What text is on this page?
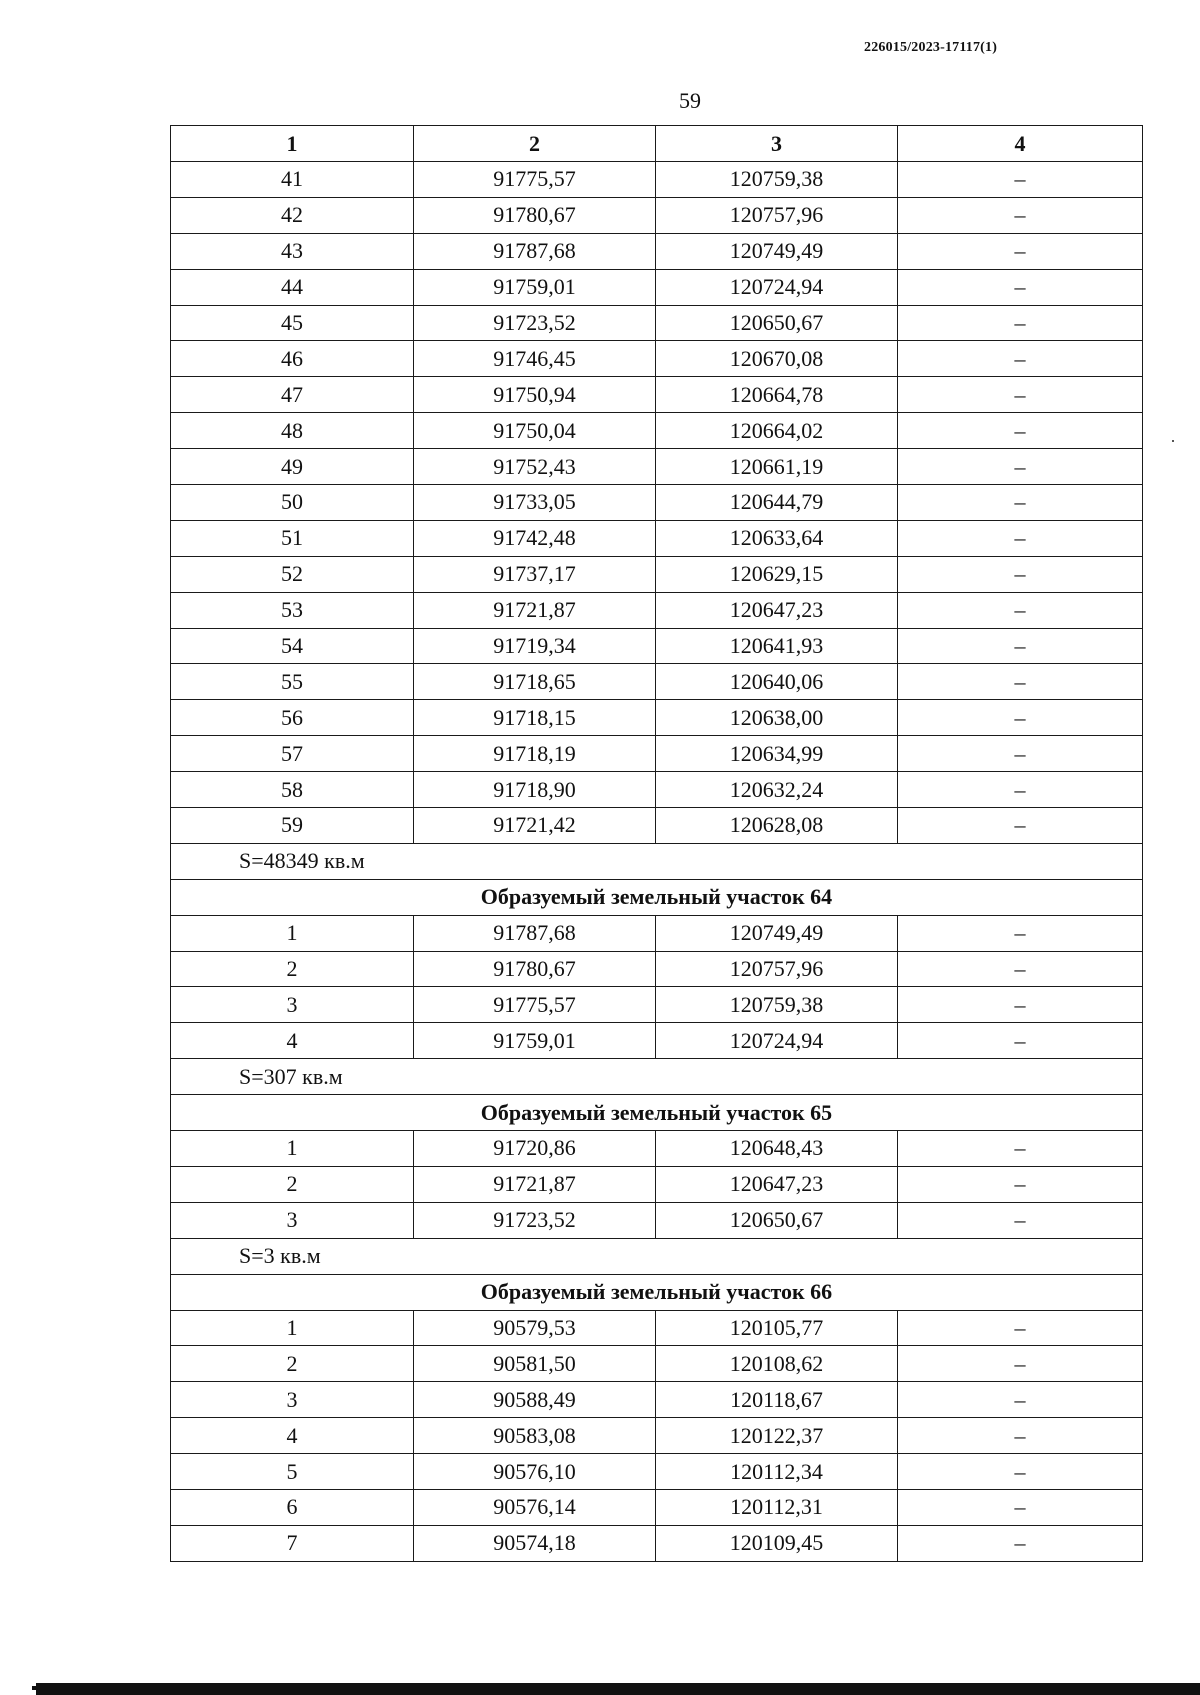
226015/2023-17117(1)
59
1	2	3	4
41	91775,57	120759,38	–
42	91780,67	120757,96	–
43	91787,68	120749,49	–
44	91759,01	120724,94	–
45	91723,52	120650,67	–
46	91746,45	120670,08	–
47	91750,94	120664,78	–
48	91750,04	120664,02	–
49	91752,43	120661,19	–
50	91733,05	120644,79	–
51	91742,48	120633,64	–
52	91737,17	120629,15	–
53	91721,87	120647,23	–
54	91719,34	120641,93	–
55	91718,65	120640,06	–
56	91718,15	120638,00	–
57	91718,19	120634,99	–
58	91718,90	120632,24	–
59	91721,42	120628,08	–
S=48349 кв.м			
Образуемый земельный участок 64			
1	91787,68	120749,49	–
2	91780,67	120757,96	–
3	91775,57	120759,38	–
4	91759,01	120724,94	–
S=307 кв.м			
Образуемый земельный участок 65			
1	91720,86	120648,43	–
2	91721,87	120647,23	–
3	91723,52	120650,67	–
S=3 кв.м			
Образуемый земельный участок 66			
1	90579,53	120105,77	–
2	90581,50	120108,62	–
3	90588,49	120118,67	–
4	90583,08	120122,37	–
5	90576,10	120112,34	–
6	90576,14	120112,31	–
7	90574,18	120109,45	–
